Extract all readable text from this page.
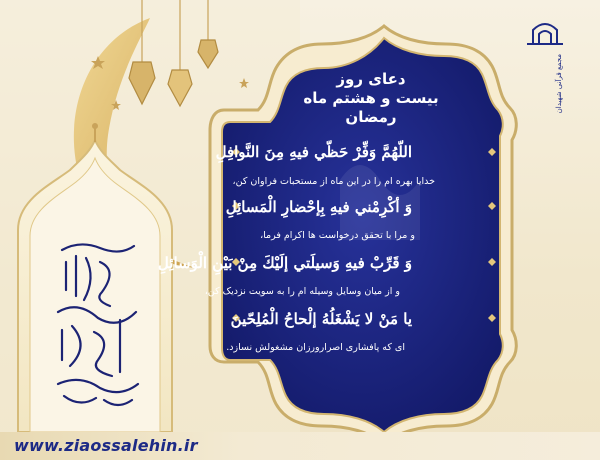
دعای روز
بیست و هشتم ماه رمضان
اللّهُمَّ وَفِّرْ حَظّي فيهِ مِنَ النَّوافِلِ
خدایا بهره ام را در این ماه از مستحبات فراوان کن،
وَ أكْرِمْني فيهِ بِإحْضارِ الْمَسائِلِ
و مرا با تحقق درخواست ها اکرام فرما،
وَ قَرِّبْ فيهِ وَسيلَتي إلَيْكَ مِنْ بَيْنِ الْوَسائِلِ
و از میان وسایل وسیله ام را به سویت نزدیک کن،
يا مَنْ لا يَشْغَلُهُ إلْحاحُ الْمُلِحّينَ
ای که پافشاری اصرارورزان مشغولش نسازد.
مجمع قرآنی شهیدان
www.ziaossalehin.ir
